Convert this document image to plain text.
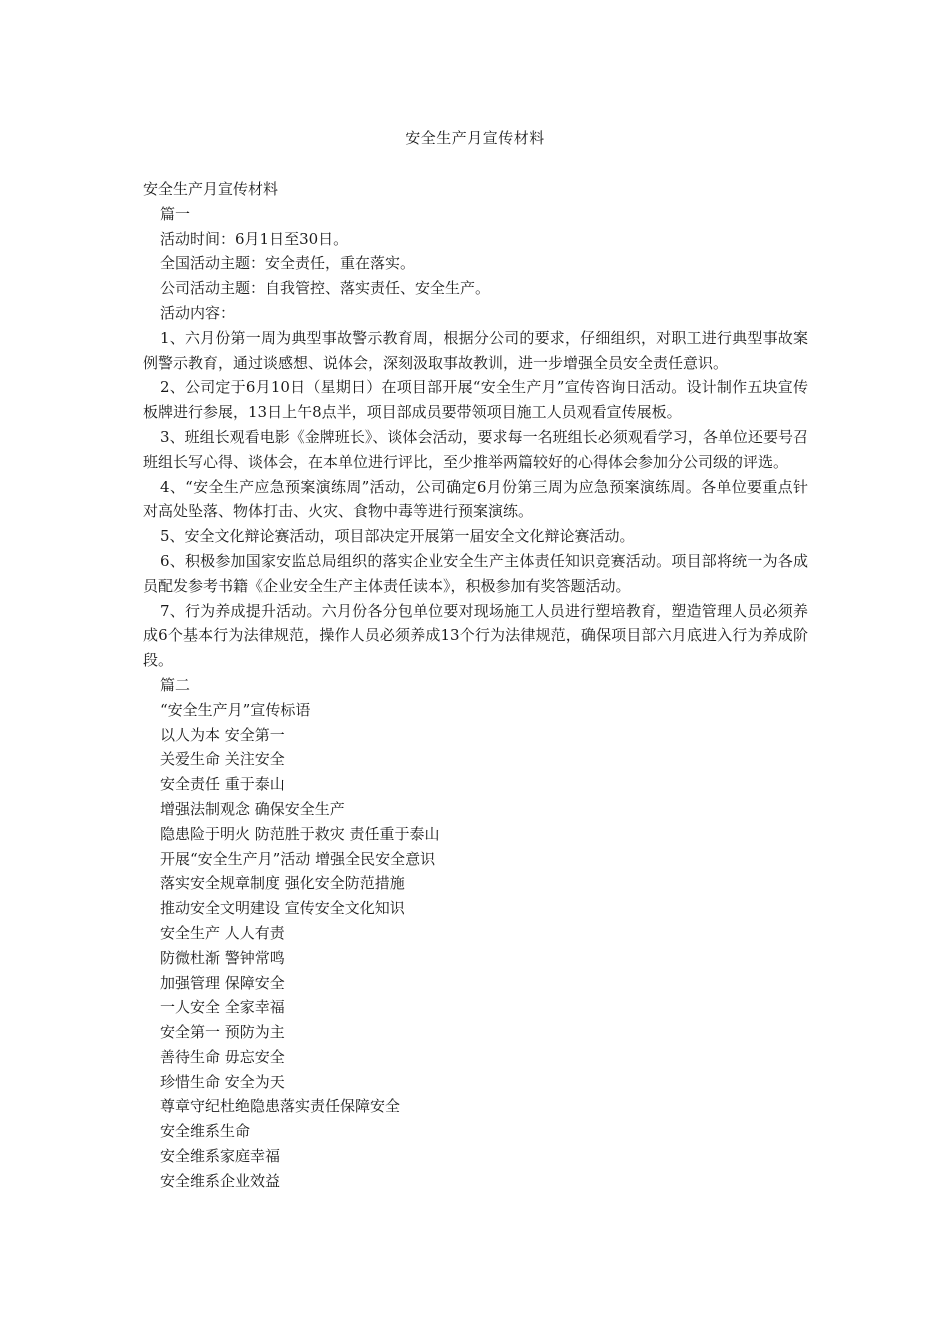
安全生产月宣传材料

安全生产月宣传材料

篇一

活动时间：6月1日至30日。

全国活动主题：安全责任，重在落实。

公司活动主题：自我管控、落实责任、安全生产。

活动内容：

1、六月份第一周为典型事故警示教育周，根据分公司的要求，仔细组织，对职工进行典型事故案例警示教育，通过谈感想、说体会，深刻汲取事故教训，进一步增强全员安全责任意识。

2、公司定于6月10日（星期日）在项目部开展“安全生产月”宣传咨询日活动。设计制作五块宣传板牌进行参展，13日上午8点半，项目部成员要带领项目施工人员观看宣传展板。

3、班组长观看电影《金牌班长》、谈体会活动，要求每一名班组长必须观看学习，各单位还要号召班组长写心得、谈体会，在本单位进行评比，至少推举两篇较好的心得体会参加分公司级的评选。

4、“安全生产应急预案演练周”活动，公司确定6月份第三周为应急预案演练周。各单位要重点针对高处坠落、物体打击、火灾、食物中毒等进行预案演练。

5、安全文化辩论赛活动，项目部决定开展第一届安全文化辩论赛活动。

6、积极参加国家安监总局组织的落实企业安全生产主体责任知识竞赛活动。项目部将统一为各成员配发参考书籍《企业安全生产主体责任读本》，积极参加有奖答题活动。

7、行为养成提升活动。六月份各分包单位要对现场施工人员进行塑培教育，塑造管理人员必须养成6个基本行为法律规范，操作人员必须养成13个行为法律规范，确保项目部六月底进入行为养成阶段。

篇二

“安全生产月”宣传标语

以人为本 安全第一

关爱生命 关注安全

安全责任 重于泰山

增强法制观念 确保安全生产

隐患险于明火 防范胜于救灾 责任重于泰山

开展“安全生产月”活动 增强全民安全意识

落实安全规章制度 强化安全防范措施

推动安全文明建设 宣传安全文化知识

安全生产 人人有责

防微杜渐 警钟常鸣

加强管理 保障安全

一人安全 全家幸福

安全第一 预防为主

善待生命 毋忘安全

珍惜生命 安全为天

尊章守纪杜绝隐患落实责任保障安全

安全维系生命

安全维系家庭幸福

安全维系企业效益
